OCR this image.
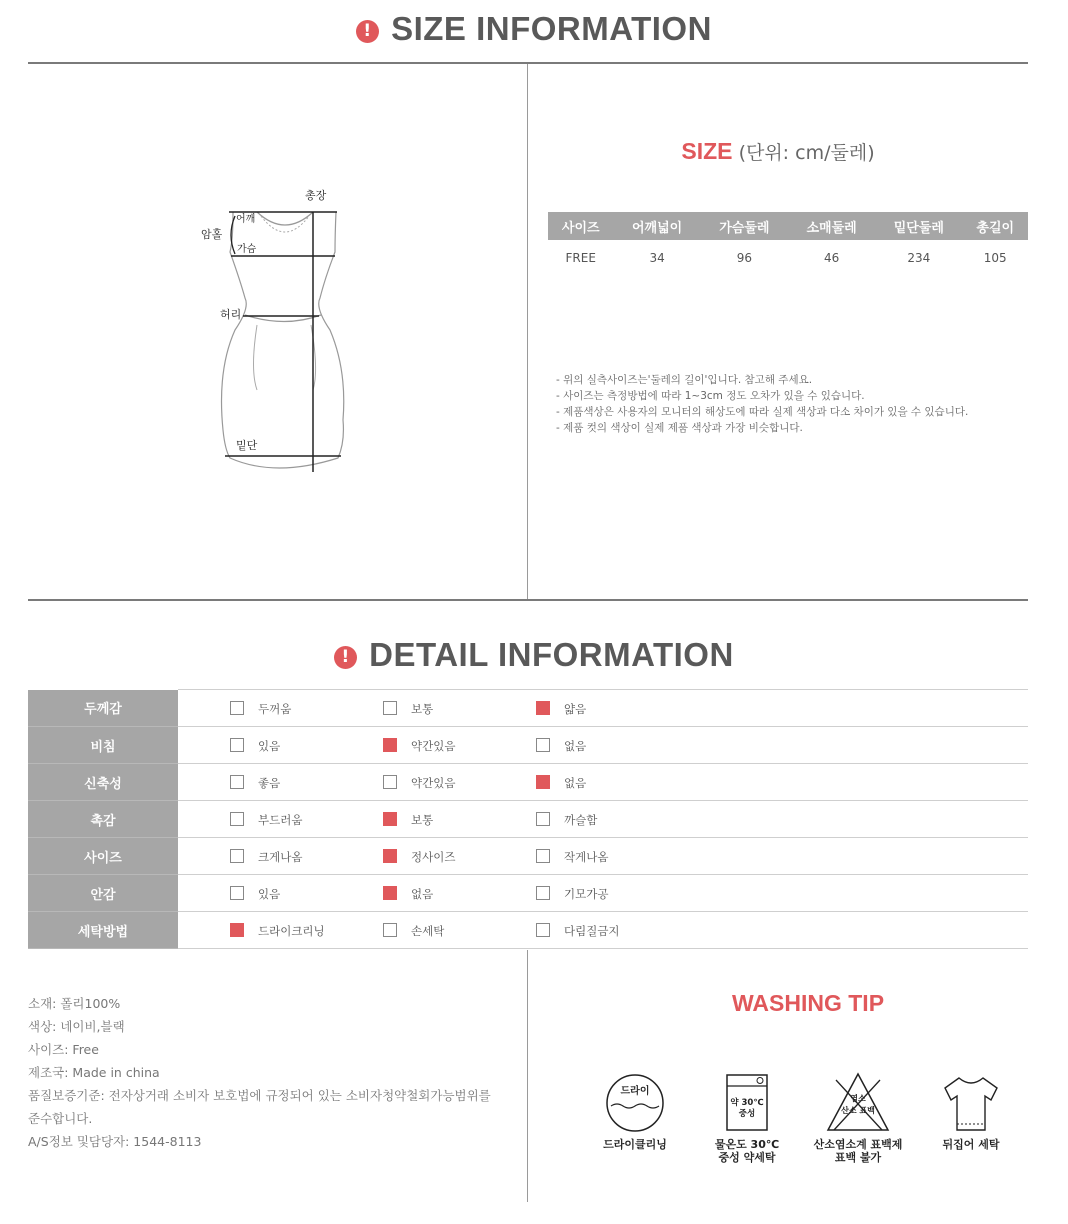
! SIZE INFORMATION
총장
어깨
암홀
가슴
허리
밑단
SIZE (단위: cm/둘레)
사이즈	어깨넓이	가슴둘레	소매둘레	밑단둘레	총길이
FREE	34	96	46	234	105
- 위의 실측사이즈는'둘레의 길이'입니다. 참고해 주세요.
- 사이즈는 측정방법에 따라 1~3cm 정도 오차가 있을 수 있습니다.
- 제품색상은 사용자의 모니터의 해상도에 따라 실제 색상과 다소 차이가 있을 수 있습니다.
- 제품 컷의 색상이 실제 제품 색상과 가장 비슷합니다.
! DETAIL INFORMATION
두께감	두꺼움 보통 얇음
비침	있음 약간있음 없음
신축성	좋음 약간있음 없음
촉감	부드러움 보통 까슬함
사이즈	크게나옴 정사이즈 작게나옴
안감	있음 없음 기모가공
세탁방법	드라이크리닝 손세탁 다림질금지
소재: 폴리100%
색상: 네이비,블랙
사이즈: Free
제조국: Made in china
품질보증기준: 전자상거래 소비자 보호법에 규정되어 있는 소비자청약철회가능범위를
준수합니다.
A/S정보 및담당자: 1544-8113
WASHING TIP
드라이
드라이클리닝
약 30℃
중성
물온도 30℃
중성 약세탁
염소
산소 표백
산소염소계 표백제
표백 불가
뒤집어 세탁
